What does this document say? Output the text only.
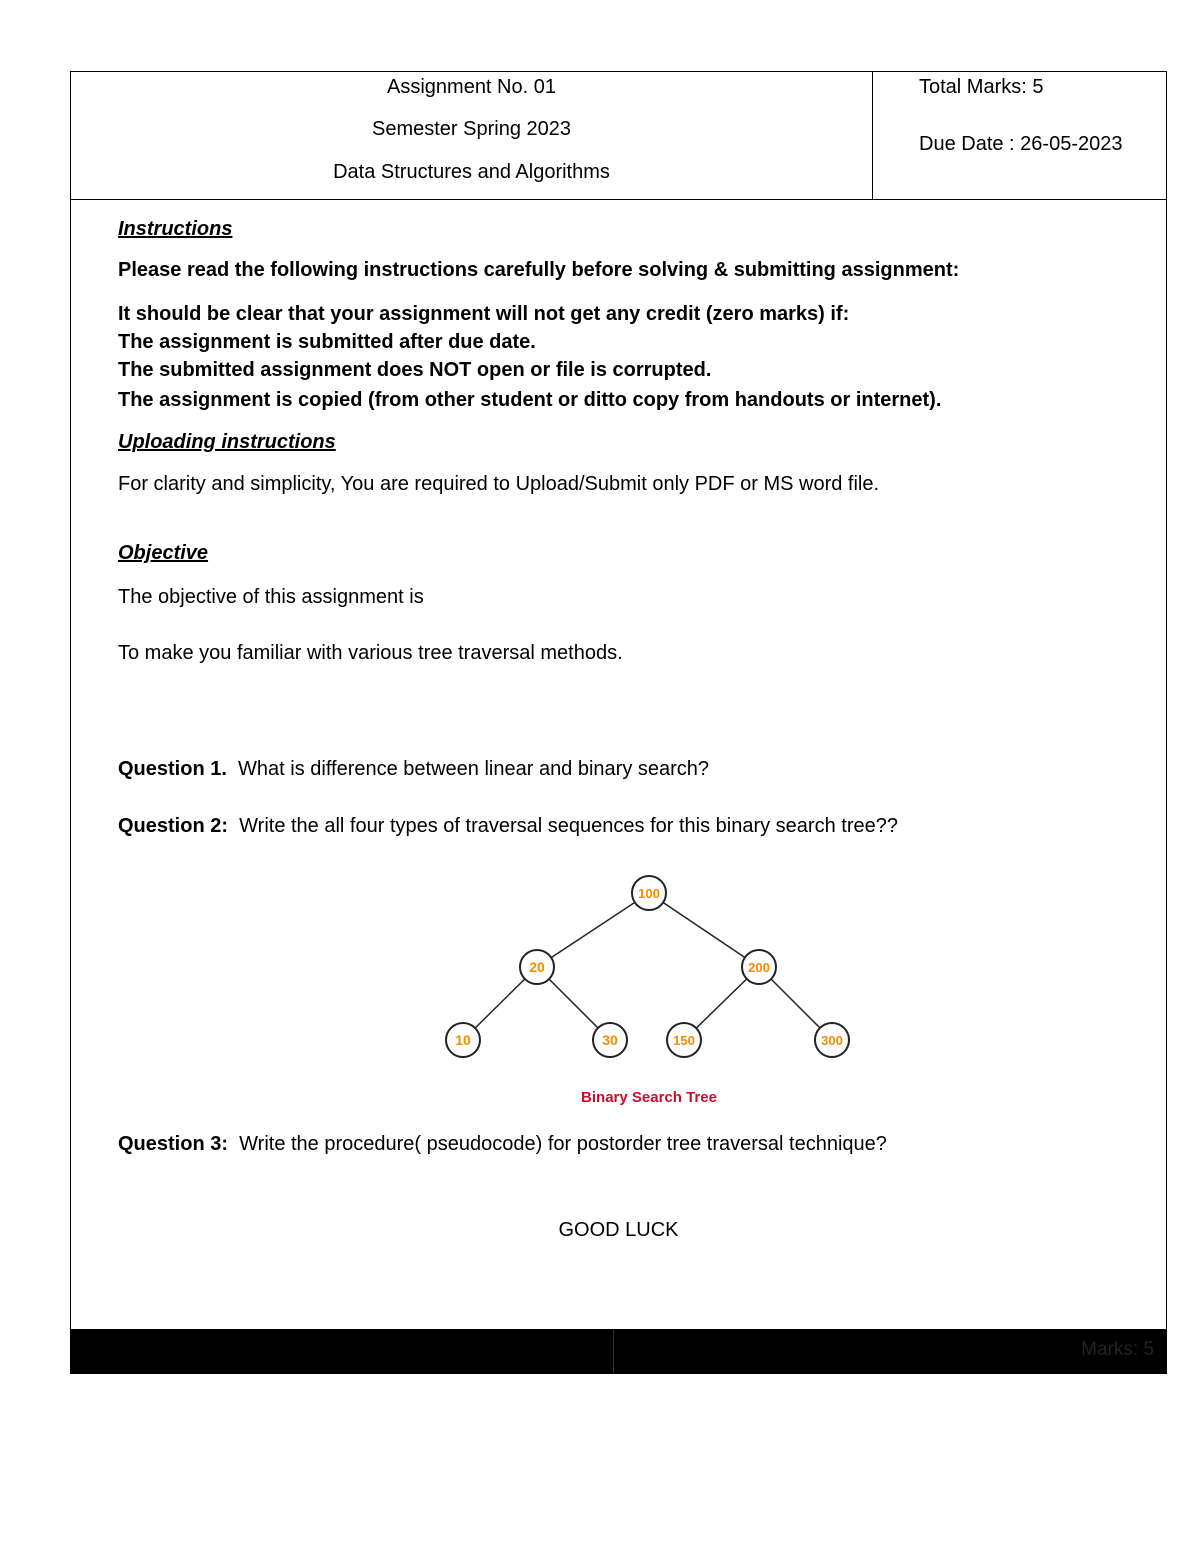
Assignment No. 01
Semester Spring 2023
Data Structures and Algorithms
Total Marks: 5
Due Date : 26-05-2023
Instructions
Please read the following instructions carefully before solving & submitting assignment:
It should be clear that your assignment will not get any credit (zero marks) if:
The assignment is submitted after due date.
The submitted assignment does NOT open or file is corrupted.
The assignment is copied (from other student or ditto copy from handouts or internet).
Uploading instructions
For clarity and simplicity, You are required to Upload/Submit only PDF or MS word file.
Objective
The objective of this assignment is
To make you familiar with various tree traversal methods.
Question 1. What is difference between linear and binary search?
Question 2: Write the all four types of traversal sequences for this binary search tree??
100
20	200
10	30	150	300
Binary Search Tree
Question 3: Write the procedure( pseudocode) for postorder tree traversal technique?
GOOD LUCK
Marks: 5
